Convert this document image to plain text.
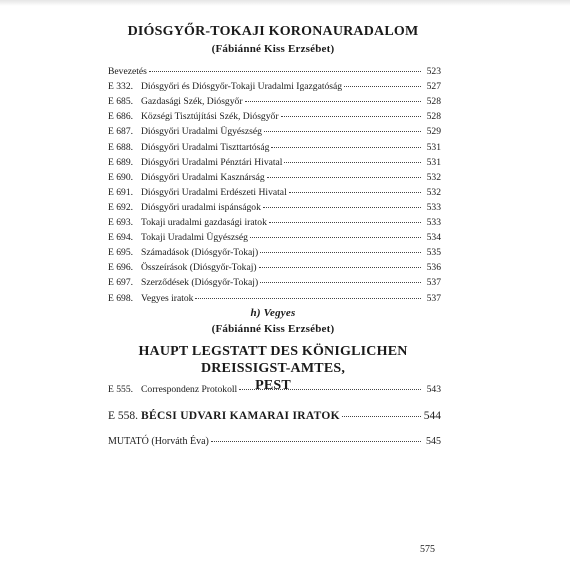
DIÓSGYŐR-TOKAJI KORONAURADALOM
(Fábiánné Kiss Erzsébet)
Bevezetés	523
E 332. Diósgyőri és Diósgyőr-Tokaji Uradalmi Igazgatóság	527
E 685. Gazdasági Szék, Diósgyőr	528
E 686. Községi Tisztújítási Szék, Diósgyőr	528
E 687. Diósgyőri Uradalmi Ügyészség	529
E 688. Diósgyőri Uradalmi Tiszttartóság	531
E 689. Diósgyőri Uradalmi Pénztári Hivatal	531
E 690. Diósgyőri Uradalmi Kasznárság	532
E 691. Diósgyőri Uradalmi Erdészeti Hivatal	532
E 692. Diósgyőri uradalmi ispánságok	533
E 693. Tokaji uradalmi gazdasági iratok	533
E 694. Tokaji Uradalmi Ügyészség	534
E 695. Számadások (Diósgyőr-Tokaj)	535
E 696. Összeírások (Diósgyőr-Tokaj)	536
E 697. Szerződések (Diósgyőr-Tokaj)	537
E 698. Vegyes iratok	537
h) Vegyes
(Fábiánné Kiss Erzsébet)
HAUPT LEGSTATT DES KÖNIGLICHEN DREISSIGST-AMTES,
PEST
E 555. Correspondenz Protokoll	543
E 558. BÉCSI UDVARI KAMARAI IRATOK	544
MUTATÓ (Horváth Éva)	545
575
